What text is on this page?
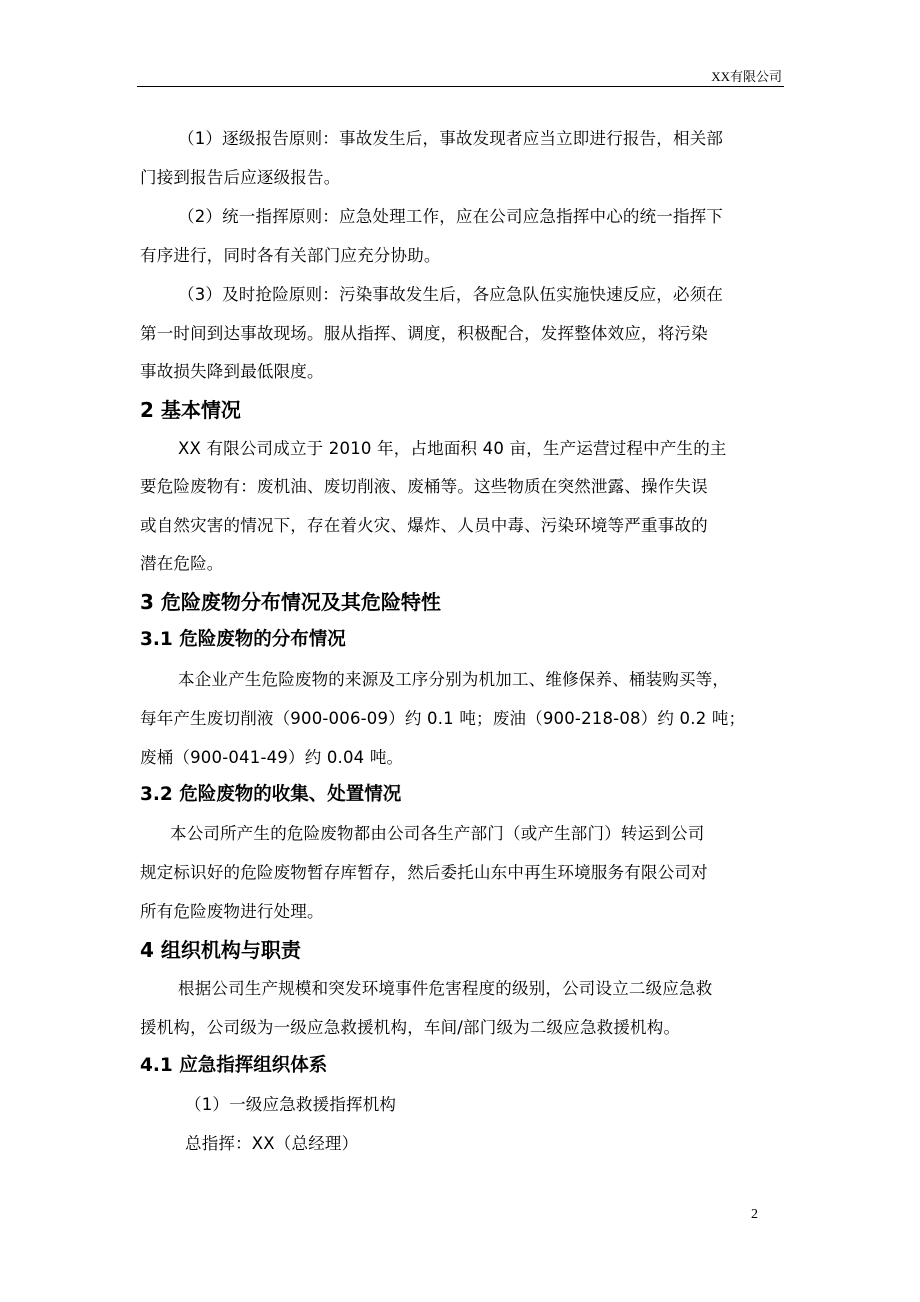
XX有限公司
（1）逐级报告原则：事故发生后，事故发现者应当立即进行报告，相关部
门接到报告后应逐级报告。
（2）统一指挥原则：应急处理工作，应在公司应急指挥中心的统一指挥下
有序进行，同时各有关部门应充分协助。
（3）及时抢险原则：污染事故发生后，各应急队伍实施快速反应，必须在
第一时间到达事故现场。服从指挥、调度，积极配合，发挥整体效应，将污染
事故损失降到最低限度。
2 基本情况
XX 有限公司成立于 2010 年，占地面积 40 亩，生产运营过程中产生的主
要危险废物有：废机油、废切削液、废桶等。这些物质在突然泄露、操作失误
或自然灾害的情况下，存在着火灾、爆炸、人员中毒、污染环境等严重事故的
潜在危险。
3 危险废物分布情况及其危险特性
3.1 危险废物的分布情况
本企业产生危险废物的来源及工序分别为机加工、维修保养、桶装购买等，
每年产生废切削液（900-006-09）约 0.1 吨；废油（900-218-08）约 0.2 吨；
废桶（900-041-49）约 0.04 吨。
3.2 危险废物的收集、处置情况
本公司所产生的危险废物都由公司各生产部门（或产生部门）转运到公司
规定标识好的危险废物暂存库暂存，然后委托山东中再生环境服务有限公司对
所有危险废物进行处理。
4 组织机构与职责
根据公司生产规模和突发环境事件危害程度的级别，公司设立二级应急救
援机构，公司级为一级应急救援机构，车间/部门级为二级应急救援机构。
4.1 应急指挥组织体系
（1）一级应急救援指挥机构
总指挥：XX（总经理）
2
